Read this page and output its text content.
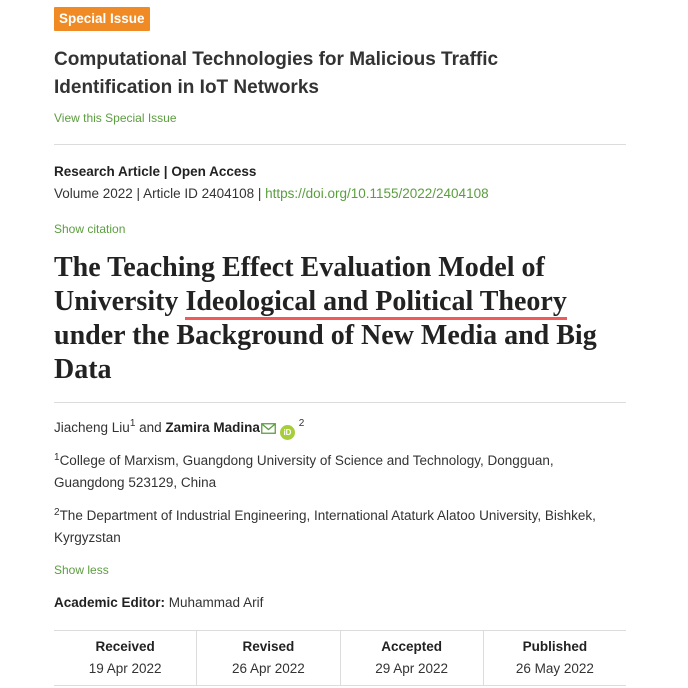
Special Issue
Computational Technologies for Malicious Traffic Identification in IoT Networks
View this Special Issue
Research Article | Open Access
Volume 2022 | Article ID 2404108 | https://doi.org/10.1155/2022/2404108
Show citation
The Teaching Effect Evaluation Model of University Ideological and Political Theory under the Background of New Media and Big Data
Jiacheng Liu$^1$ and Zamira Madina	iD $^2$
$^1$College of Marxism, Guangdong University of Science and Technology, Dongguan, Guangdong 523129, China
$^2$The Department of Industrial Engineering, International Ataturk Alatoo University, Bishkek, Kyrgyzstan
Show less
Academic Editor: Muhammad Arif
Received
19 Apr 2022
Revised
26 Apr 2022
Accepted
29 Apr 2022
Published
26 May 2022
